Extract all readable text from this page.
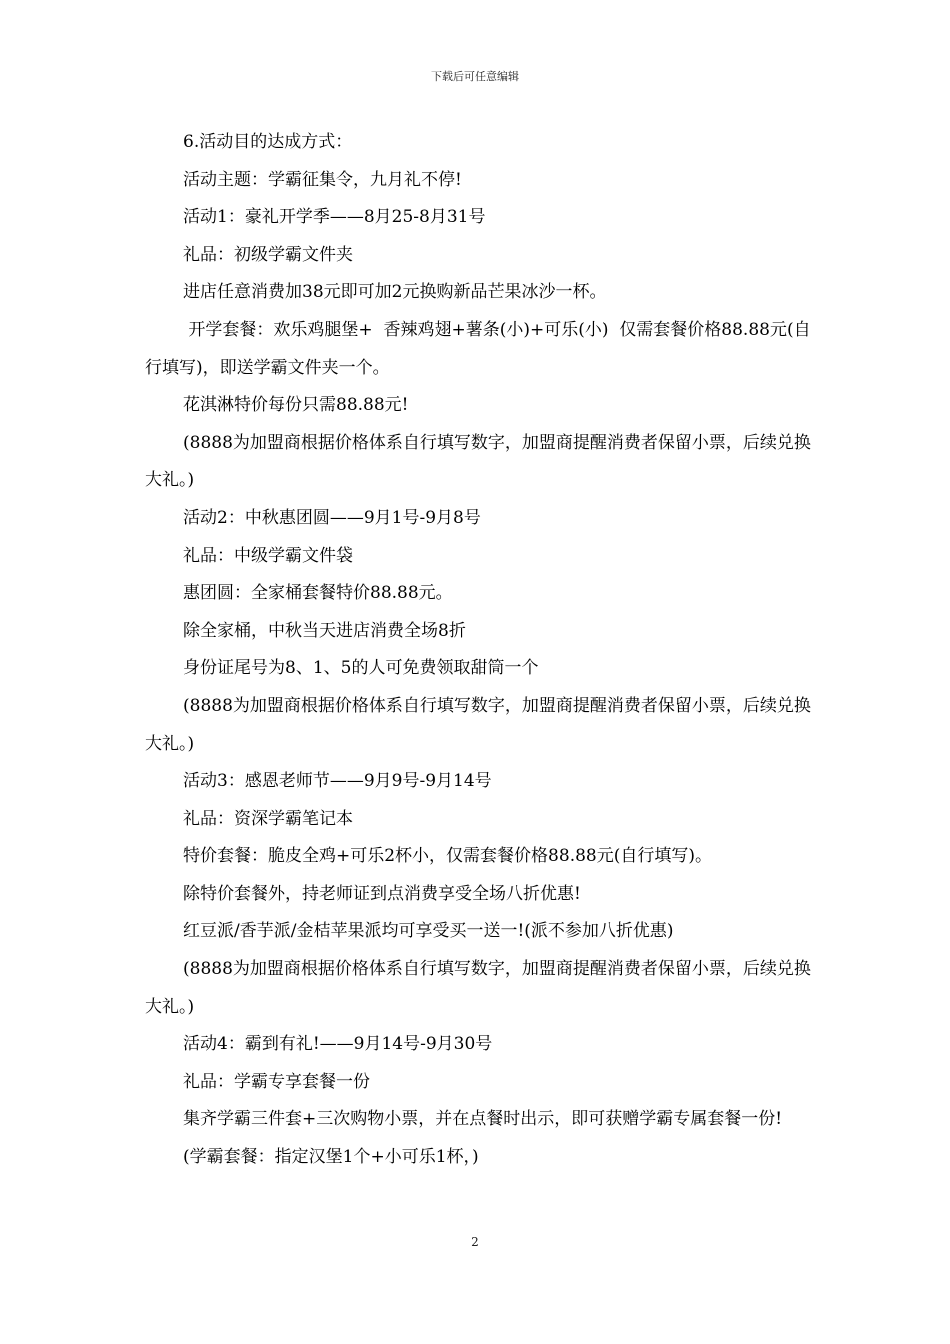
下载后可任意编辑

6.活动目的达成方式：

活动主题：学霸征集令，九月礼不停!

活动1：豪礼开学季——8月25-8月31号

礼品：初级学霸文件夹

进店任意消费加38元即可加2元换购新品芒果冰沙一杯。

开学套餐：欢乐鸡腿堡+  香辣鸡翅+薯条(小)+可乐(小)  仅需套餐价格88.88元(自行填写)，即送学霸文件夹一个。

花淇淋特价每份只需88.88元!

(8888为加盟商根据价格体系自行填写数字，加盟商提醒消费者保留小票，后续兑换大礼。)

活动2：中秋惠团圆——9月1号-9月8号

礼品：中级学霸文件袋

惠团圆：全家桶套餐特价88.88元。

除全家桶，中秋当天进店消费全场8折

身份证尾号为8、1、5的人可免费领取甜筒一个

(8888为加盟商根据价格体系自行填写数字，加盟商提醒消费者保留小票，后续兑换大礼。)

活动3：感恩老师节——9月9号-9月14号

礼品：资深学霸笔记本

特价套餐：脆皮全鸡+可乐2杯小，仅需套餐价格88.88元(自行填写)。

除特价套餐外，持老师证到点消费享受全场八折优惠!

红豆派/香芋派/金桔苹果派均可享受买一送一!(派不参加八折优惠)

(8888为加盟商根据价格体系自行填写数字，加盟商提醒消费者保留小票，后续兑换大礼。)

活动4：霸到有礼!——9月14号-9月30号

礼品：学霸专享套餐一份

集齐学霸三件套+三次购物小票，并在点餐时出示，即可获赠学霸专属套餐一份!

(学霸套餐：指定汉堡1个+小可乐1杯，)

2
